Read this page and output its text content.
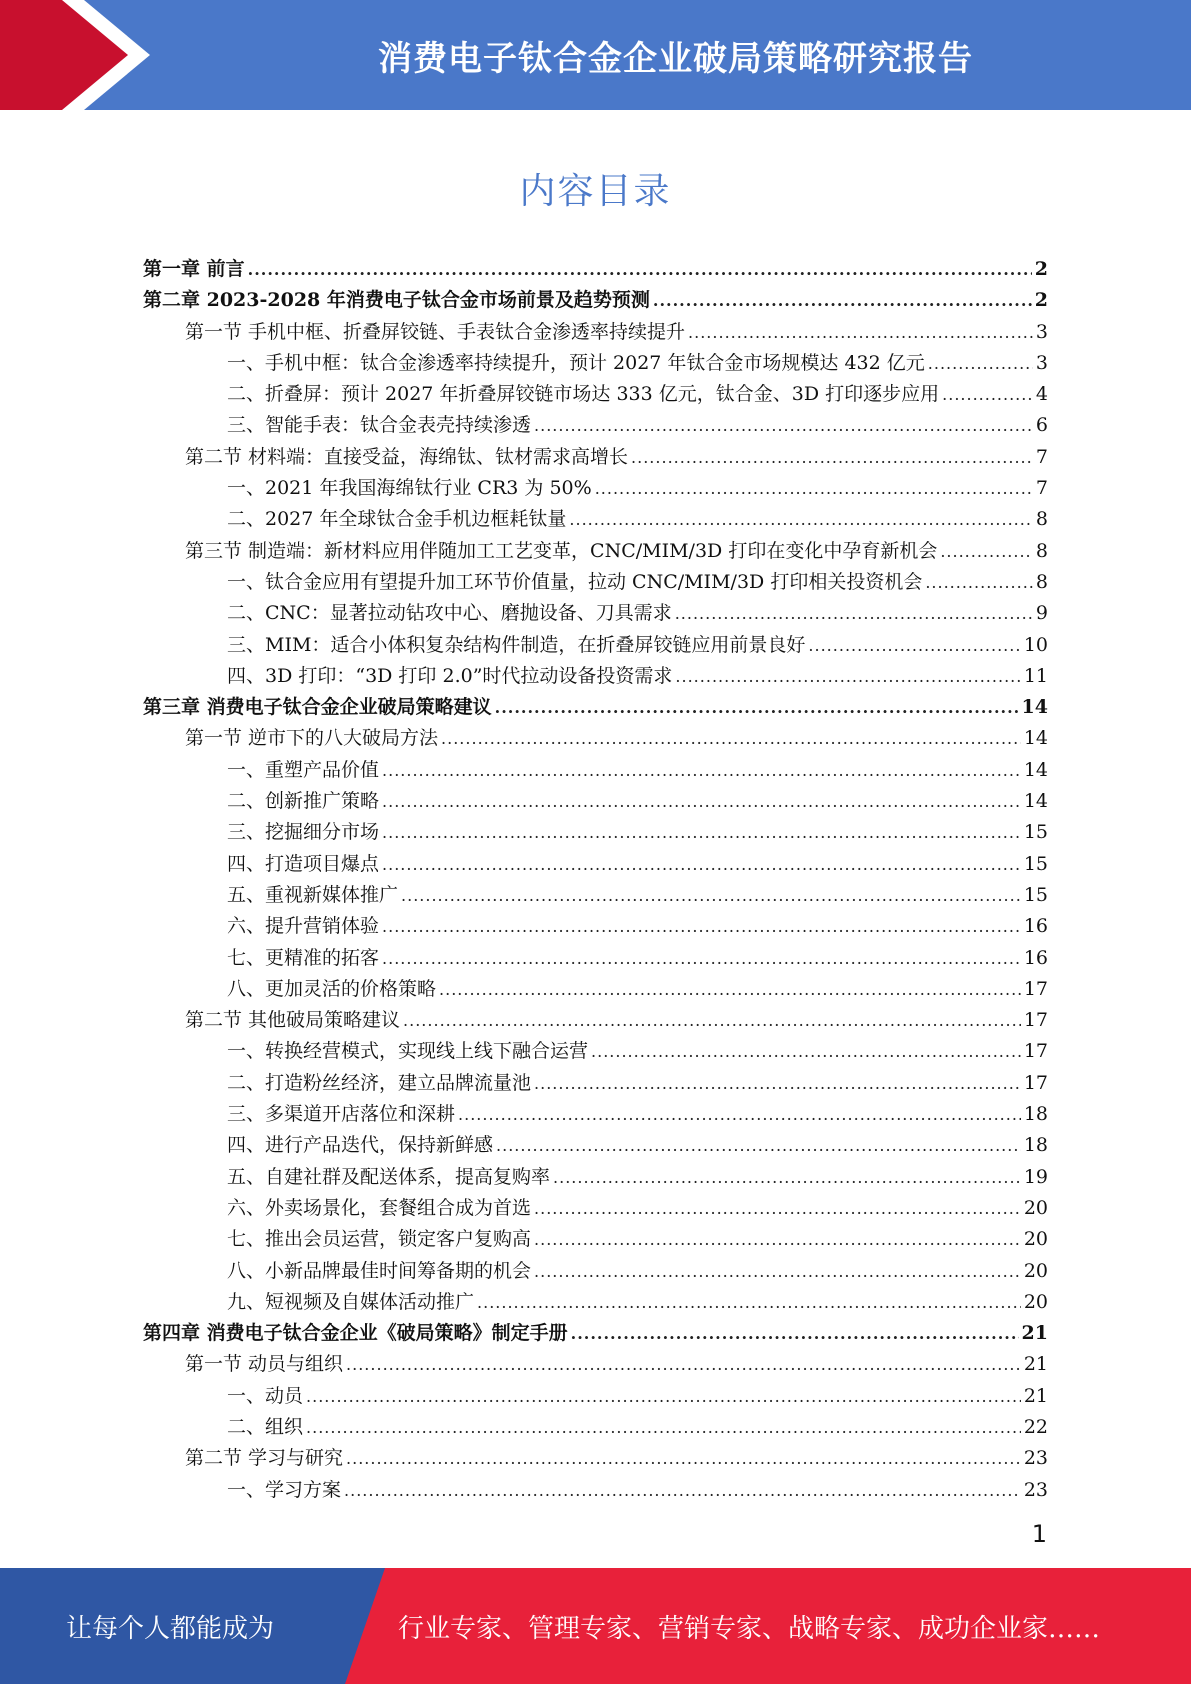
消费电子钛合金企业破局策略研究报告
内容目录
第一章 前言 .....	2
第二章 2023-2028 年消费电子钛合金市场前景及趋势预测 .....	2
第一节 手机中框、折叠屏铰链、手表钛合金渗透率持续提升 .....	3
一、手机中框：钛合金渗透率持续提升，预计 2027 年钛合金市场规模达 432 亿元 .....	3
二、折叠屏：预计 2027 年折叠屏铰链市场达 333 亿元，钛合金、3D 打印逐步应用 .....	4
三、智能手表：钛合金表壳持续渗透 .....	6
第二节 材料端：直接受益，海绵钛、钛材需求高增长 .....	7
一、2021 年我国海绵钛行业 CR3 为 50% .....	7
二、2027 年全球钛合金手机边框耗钛量 .....	8
第三节 制造端：新材料应用伴随加工工艺变革，CNC/MIM/3D 打印在变化中孕育新机会 .....	8
一、钛合金应用有望提升加工环节价值量，拉动 CNC/MIM/3D 打印相关投资机会 .....	8
二、CNC：显著拉动钻攻中心、磨抛设备、刀具需求 .....	9
三、MIM：适合小体积复杂结构件制造，在折叠屏铰链应用前景良好 .....	10
四、3D 打印：“3D 打印 2.0”时代拉动设备投资需求 .....	11
第三章 消费电子钛合金企业破局策略建议 .....	14
第一节 逆市下的八大破局方法 .....	14
一、重塑产品价值 .....	14
二、创新推广策略 .....	14
三、挖掘细分市场 .....	15
四、打造项目爆点 .....	15
五、重视新媒体推广 .....	15
六、提升营销体验 .....	16
七、更精准的拓客 .....	16
八、更加灵活的价格策略 .....	17
第二节 其他破局策略建议 .....	17
一、转换经营模式，实现线上线下融合运营 .....	17
二、打造粉丝经济，建立品牌流量池 .....	17
三、多渠道开店落位和深耕 .....	18
四、进行产品迭代，保持新鲜感 .....	18
五、自建社群及配送体系，提高复购率 .....	19
六、外卖场景化，套餐组合成为首选 .....	20
七、推出会员运营，锁定客户复购高 .....	20
八、小新品牌最佳时间筹备期的机会 .....	20
九、短视频及自媒体活动推广 .....	20
第四章 消费电子钛合金企业《破局策略》制定手册 .....	21
第一节 动员与组织 .....	21
一、动员 .....	21
二、组织 .....	22
第二节 学习与研究 .....	23
一、学习方案 .....	23
1
让每个人都能成为	行业专家、管理专家、营销专家、战略专家、成功企业家……
